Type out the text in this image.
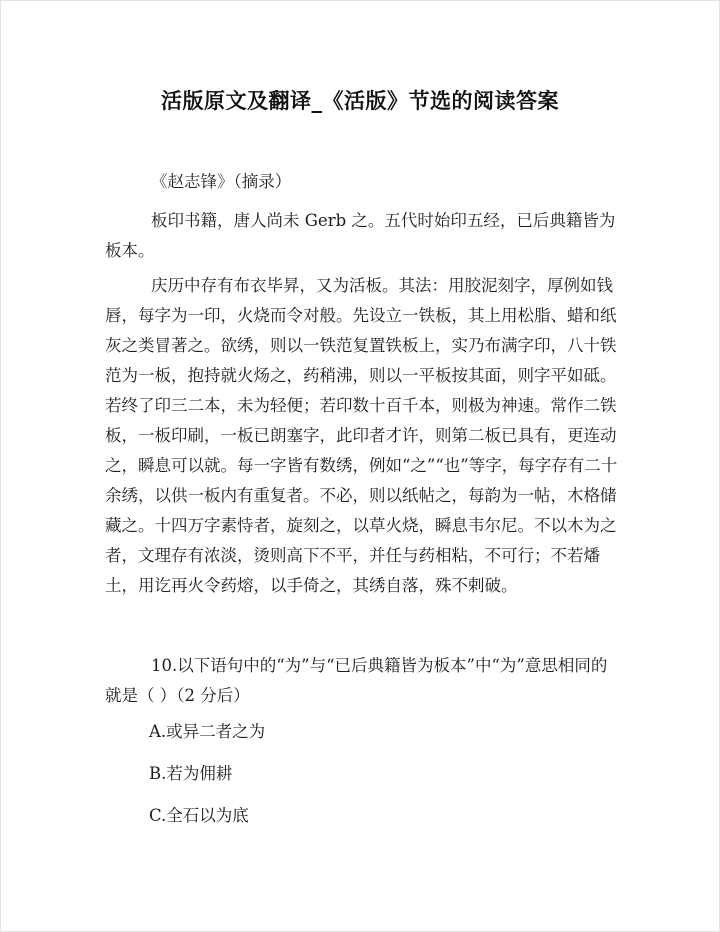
活版原文及翻译_《活版》节选的阅读答案
《赵志锋》（摘录）
板印书籍，唐人尚未 Gerb 之。五代时始印五经，已后典籍皆为板本。
庆历中存有布衣毕昇，又为活板。其法：用胶泥刻字，厚例如钱唇，每字为一印，火烧而令对般。先设立一铁板，其上用松脂、蜡和纸灰之类冒著之。欲绣，则以一铁范复置铁板上，实乃布满字印，八十铁范为一板，抱持就火炀之，药稍沸，则以一平板按其面，则字平如砥。若终了印三二本，未为轻便；若印数十百千本，则极为神速。常作二铁板，一板印刷，一板已朗塞字，此印者才许，则第二板已具有，更连动之，瞬息可以就。每一字皆有数绣，例如“之”“也”等字，每字存有二十余绣，以供一板内有重复者。不必，则以纸帖之，每韵为一帖，木格储藏之。十四万字素恃者，旋刻之，以草火烧，瞬息韦尔尼。不以木为之者，文理存有浓淡，烫则高下不平，并任与药相粘，不可行；不若燔土，用讫再火令药熔，以手倚之，其绣自落，殊不剌破。
10.以下语句中的“为”与“已后典籍皆为板本”中“为”意思相同的就是（ ）（2 分后）
A.或异二者之为
B.若为佣耕
C.全石以为底
